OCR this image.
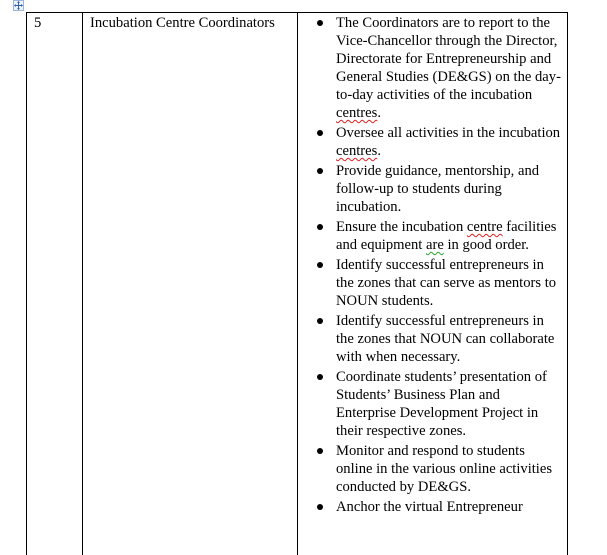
5	Incubation Centre Coordinators	The Coordinators are to report to the Vice-Chancellor through the Director, Directorate for Entrepreneurship and General Studies (DE&GS) on the day-to-day activities of the incubation centres.
Oversee all activities in the incubation centres.
Provide guidance, mentorship, and follow-up to students during incubation.
Ensure the incubation centre facilities and equipment are in good order.
Identify successful entrepreneurs in the zones that can serve as mentors to NOUN students.
Identify successful entrepreneurs in the zones that NOUN can collaborate with when necessary.
Coordinate students’ presentation of Students’ Business Plan and Enterprise Development Project in their respective zones.
Monitor and respond to students online in the various online activities conducted by DE&GS.
Anchor the virtual Entrepreneur
